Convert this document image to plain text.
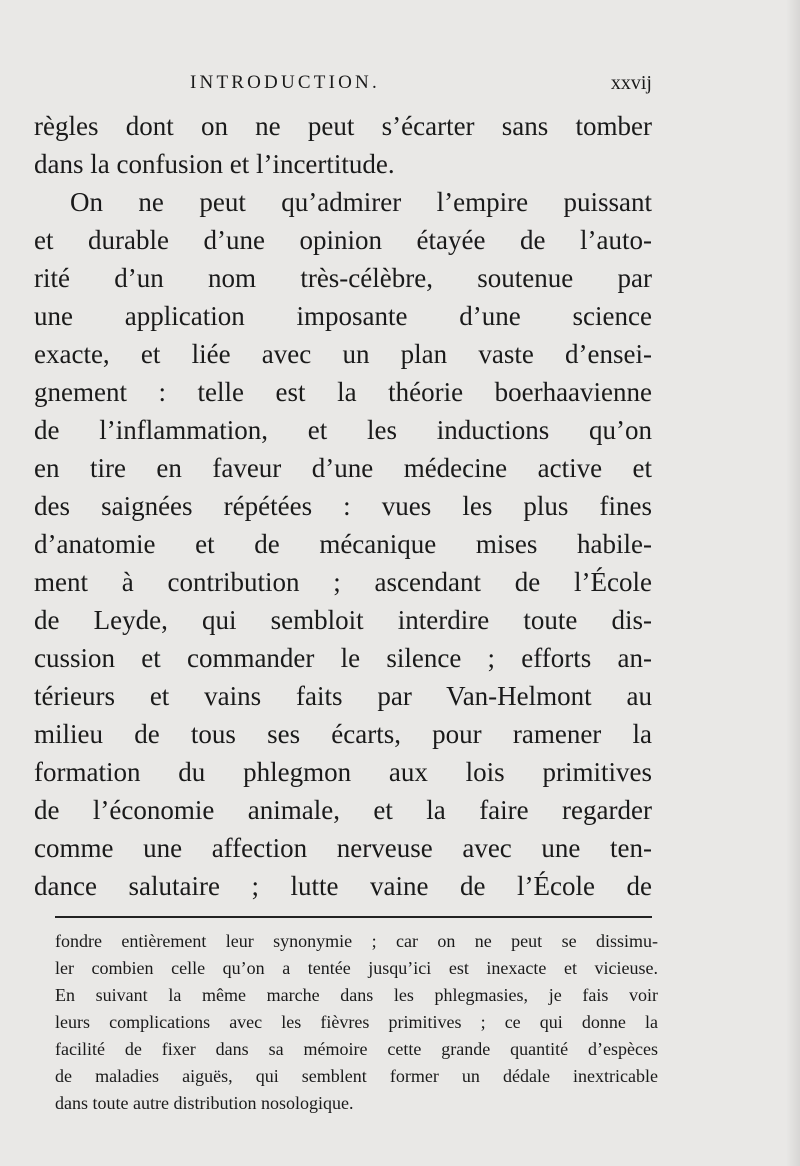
INTRODUCTION.	xxvij
règles dont on ne peut s’écarter sans tomber
dans la confusion et l’incertitude.
On ne peut qu’admirer l’empire puissant
et durable d’une opinion étayée de l’auto-
rité d’un nom très-célèbre, soutenue par
une application imposante d’une science
exacte, et liée avec un plan vaste d’ensei-
gnement : telle est la théorie boerhaavienne
de l’inflammation, et les inductions qu’on
en tire en faveur d’une médecine active et
des saignées répétées : vues les plus fines
d’anatomie et de mécanique mises habile-
ment à contribution ; ascendant de l’École
de Leyde, qui sembloit interdire toute dis-
cussion et commander le silence ; efforts an-
térieurs et vains faits par Van-Helmont au
milieu de tous ses écarts, pour ramener la
formation du phlegmon aux lois primitives
de l’économie animale, et la faire regarder
comme une affection nerveuse avec une ten-
dance salutaire ; lutte vaine de l’École de
fondre entièrement leur synonymie ; car on ne peut se dissimu-
ler combien celle qu’on a tentée jusqu’ici est inexacte et vicieuse.
En suivant la même marche dans les phlegmasies, je fais voir
leurs complications avec les fièvres primitives ; ce qui donne la
facilité de fixer dans sa mémoire cette grande quantité d’espèces
de maladies aiguës, qui semblent former un dédale inextricable
dans toute autre distribution nosologique.
